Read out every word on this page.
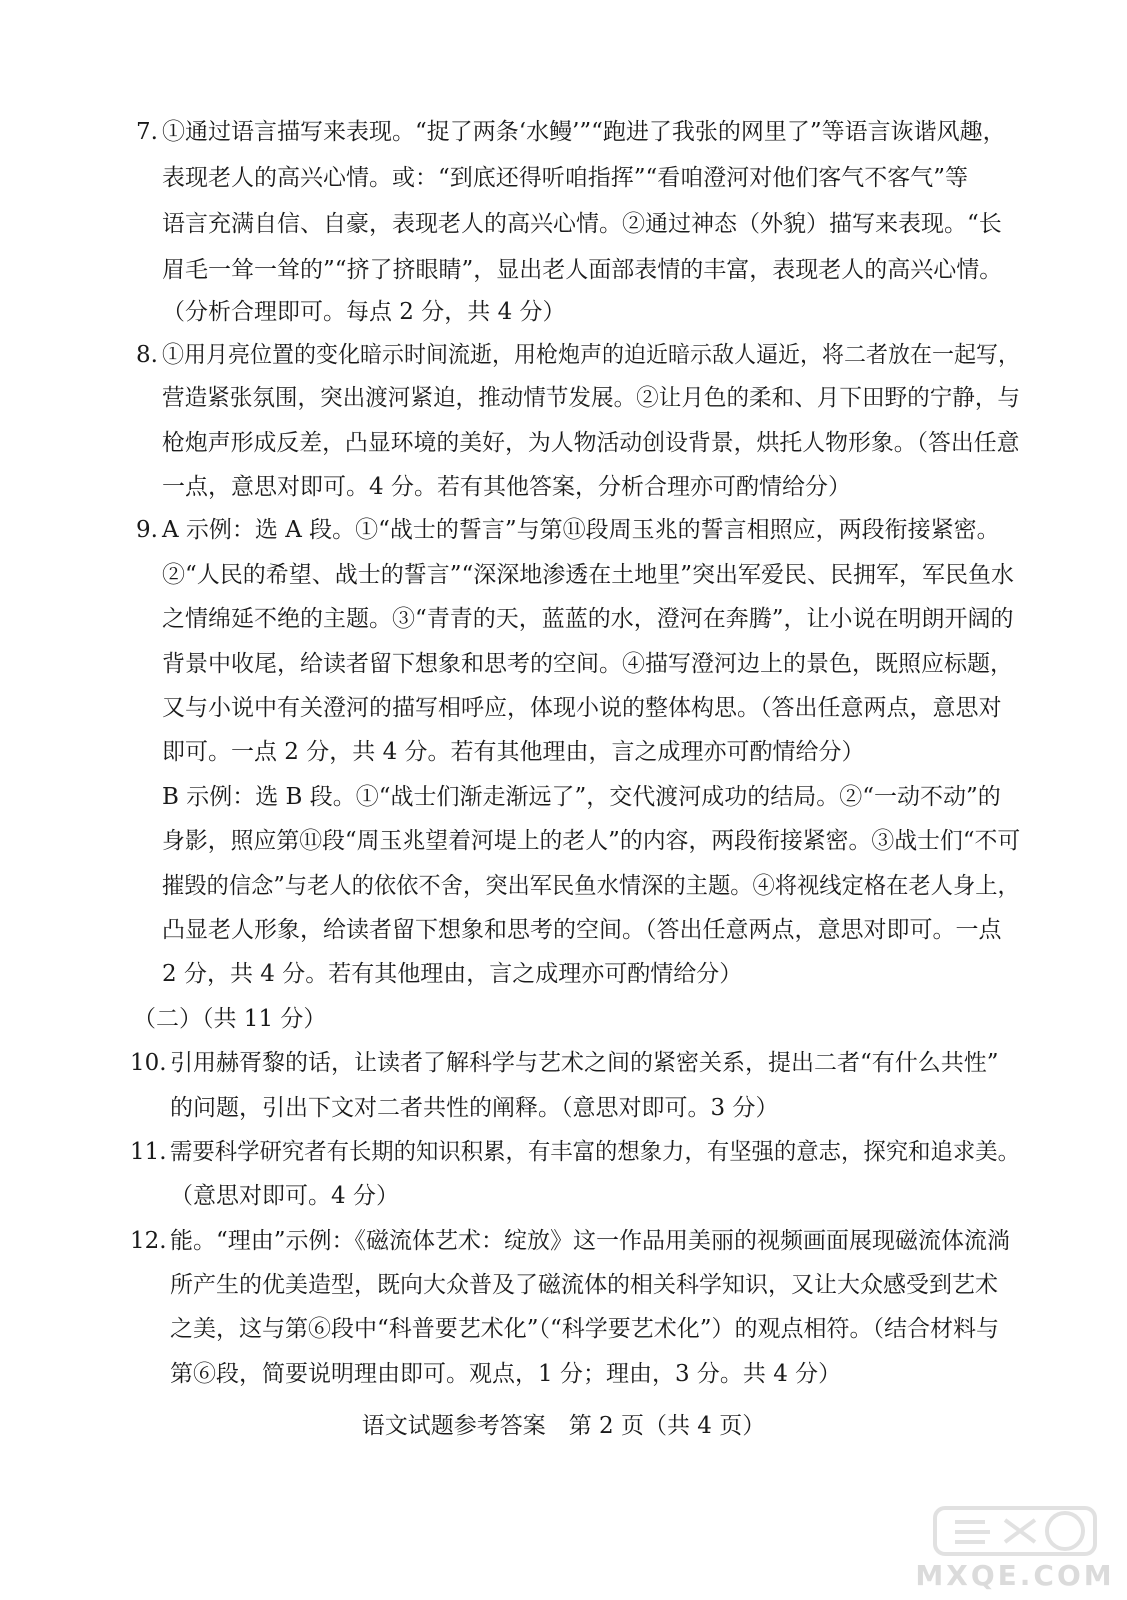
7. ①通过语言描写来表现。“捉了两条‘水鳗’”“跑进了我张的网里了”等语言诙谐风趣，
表现老人的高兴心情。或：“到底还得听咱指挥”“看咱澄河对他们客气不客气”等
语言充满自信、自豪，表现老人的高兴心情。②通过神态（外貌）描写来表现。“长
眉毛一耸一耸的”“挤了挤眼睛”，显出老人面部表情的丰富，表现老人的高兴心情。
（分析合理即可。每点 2 分，共 4 分）
8. ①用月亮位置的变化暗示时间流逝，用枪炮声的迫近暗示敌人逼近，将二者放在一起写，
营造紧张氛围，突出渡河紧迫，推动情节发展。②让月色的柔和、月下田野的宁静，与
枪炮声形成反差，凸显环境的美好，为人物活动创设背景，烘托人物形象。（答出任意
一点，意思对即可。4 分。若有其他答案，分析合理亦可酌情给分）
9. A 示例：选 A 段。①“战士的誓言”与第⑪段周玉兆的誓言相照应，两段衔接紧密。
②“人民的希望、战士的誓言”“深深地渗透在土地里”突出军爱民、民拥军，军民鱼水
之情绵延不绝的主题。③“青青的天，蓝蓝的水，澄河在奔腾”，让小说在明朗开阔的
背景中收尾，给读者留下想象和思考的空间。④描写澄河边上的景色，既照应标题，
又与小说中有关澄河的描写相呼应，体现小说的整体构思。（答出任意两点，意思对
即可。一点 2 分，共 4 分。若有其他理由，言之成理亦可酌情给分）
B 示例：选 B 段。①“战士们渐走渐远了”，交代渡河成功的结局。②“一动不动”的
身影，照应第⑪段“周玉兆望着河堤上的老人”的内容，两段衔接紧密。③战士们“不可
摧毁的信念”与老人的依依不舍，突出军民鱼水情深的主题。④将视线定格在老人身上，
凸显老人形象，给读者留下想象和思考的空间。（答出任意两点，意思对即可。一点
2 分，共 4 分。若有其他理由，言之成理亦可酌情给分）
（二）（共 11 分）
10. 引用赫胥黎的话，让读者了解科学与艺术之间的紧密关系，提出二者“有什么共性”
的问题，引出下文对二者共性的阐释。（意思对即可。3 分）
11. 需要科学研究者有长期的知识积累，有丰富的想象力，有坚强的意志，探究和追求美。
（意思对即可。4 分）
12. 能。“理由”示例：《磁流体艺术：绽放》这一作品用美丽的视频画面展现磁流体流淌
所产生的优美造型，既向大众普及了磁流体的相关科学知识，又让大众感受到艺术
之美，这与第⑥段中“科普要艺术化”（“科学要艺术化”）的观点相符。（结合材料与
第⑥段，简要说明理由即可。观点，1 分；理由，3 分。共 4 分）
语文试题参考答案　第 2 页（共 4 页）
MXQE.COM
